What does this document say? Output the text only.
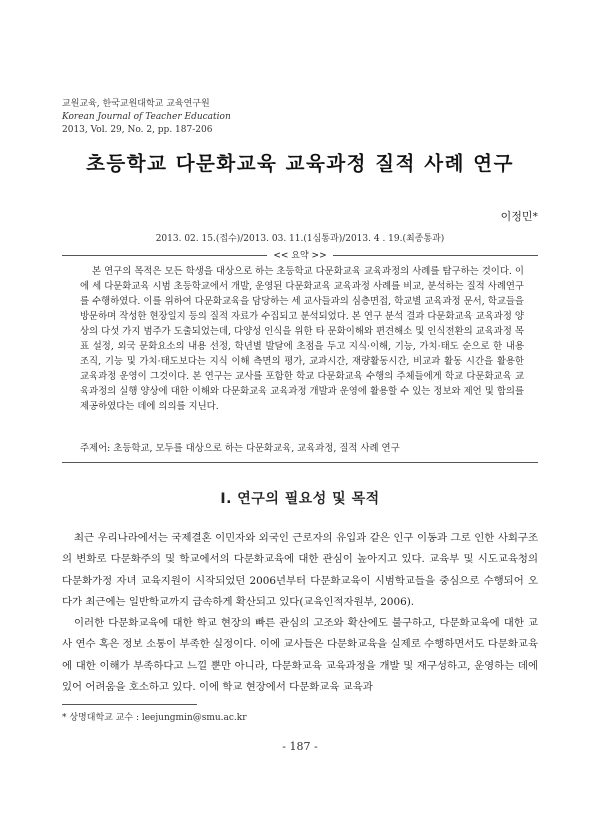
교원교육, 한국교원대학교 교육연구원
Korean Journal of Teacher Education
2013, Vol. 29, No. 2, pp. 187-206
초등학교 다문화교육 교육과정 질적 사례 연구
이정민*
2013. 02. 15.(접수)/2013. 03. 11.(1심통과)/2013. 4 . 19.(최종통과)
<< 요약 >>

본 연구의 목적은 모든 학생을 대상으로 하는 초등학교 다문화교육 교육과정의 사례를 탐구하는 것이다. 이에 세 다문화교육 시범 초등학교에서 개발, 운영된 다문화교육 교육과정 사례를 비교, 분석하는 질적 사례연구를 수행하였다. 이를 위하여 다문화교육을 담당하는 세 교사들과의 심층면접, 학교별 교육과정 문서, 학교들을 방문하며 작성한 현장일지 등의 질적 자료가 수집되고 분석되었다. 본 연구 분석 결과 다문화교육 교육과정 양상의 다섯 가지 범주가 도출되었는데, 다양성 인식을 위한 타 문화이해와 편견해소 및 인식전환의 교육과정 목표 설정, 외국 문화요소의 내용 선정, 학년별 발달에 초점을 두고 지식·이해, 기능, 가치·태도 순으로 한 내용 조직, 기능 및 가치·태도보다는 지식 이해 측면의 평가, 교과시간, 재량활동시간, 비교과 활동 시간을 활용한 교육과정 운영이 그것이다. 본 연구는 교사를 포함한 학교 다문화교육 수행의 주체들에게 학교 다문화교육 교육과정의 실행 양상에 대한 이해와 다문화교육 교육과정 개발과 운영에 활용할 수 있는 정보와 제언 및 합의를 제공하였다는 데에 의의를 지닌다.

주제어: 초등학교, 모두를 대상으로 하는 다문화교육, 교육과정, 질적 사례 연구
I. 연구의 필요성 및 목적

최근 우리나라에서는 국제결혼 이민자와 외국인 근로자의 유입과 같은 인구 이동과 그로 인한 사회구조의 변화로 다문화주의 및 학교에서의 다문화교육에 대한 관심이 높아지고 있다. 교육부 및 시도교육청의 다문화가정 자녀 교육지원이 시작되었던 2006년부터 다문화교육이 시범학교들을 중심으로 수행되어 오다가 최근에는 일반학교까지 급속하게 확산되고 있다(교육인적자원부, 2006).

이러한 다문화교육에 대한 학교 현장의 빠른 관심의 고조와 확산에도 불구하고, 다문화교육에 대한 교사 연수 혹은 정보 소통이 부족한 실정이다. 이에 교사들은 다문화교육을 실제로 수행하면서도 다문화교육에 대한 이해가 부족하다고 느낄 뿐만 아니라, 다문화교육 교육과정을 개발 및 재구성하고, 운영하는 데에 있어 어려움을 호소하고 있다. 이에 학교 현장에서 다문화교육 교육과

* 상명대학교 교수 : leejungmin@smu.ac.kr
- 187 -
